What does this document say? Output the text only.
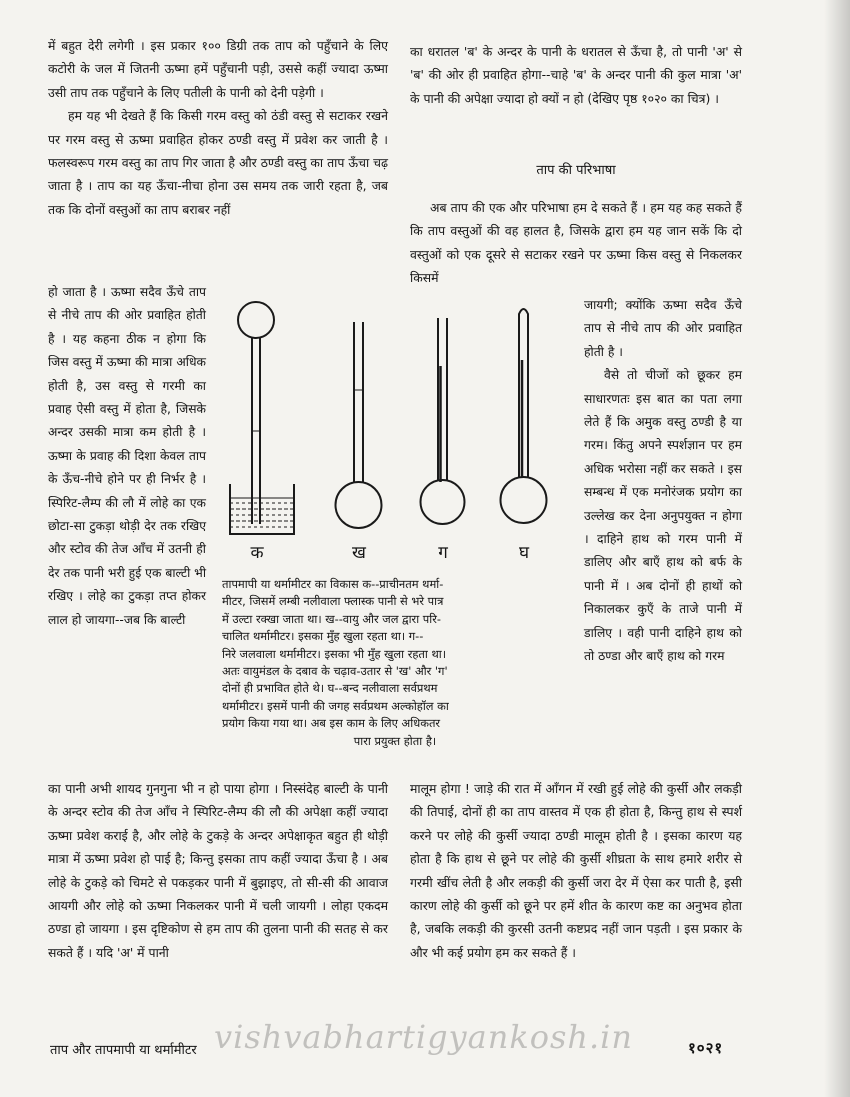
में बहुत देरी लगेगी । इस प्रकार १०० डिग्री तक ताप को पहुँचाने के लिए कटोरी के जल में जितनी ऊष्मा हमें पहुँचानी पड़ी, उससे कहीं ज्यादा ऊष्मा उसी ताप तक पहुँचाने के लिए पतीली के पानी को देनी पड़ेगी ।

हम यह भी देखते हैं कि किसी गरम वस्तु को ठंडी वस्तु से सटाकर रखने पर गरम वस्तु से ऊष्मा प्रवाहित होकर ठण्डी वस्तु में प्रवेश कर जाती है । फलस्वरूप गरम वस्तु का ताप गिर जाता है और ठण्डी वस्तु का ताप ऊँचा चढ़ जाता है । ताप का यह ऊँचा-नीचा होना उस समय तक जारी रहता है, जब तक कि दोनों वस्तुओं का ताप बराबर नहीं

हो जाता है । ऊष्मा सदैव ऊँचे ताप से नीचे ताप की ओर प्रवाहित होती है । यह कहना ठीक न होगा कि जिस वस्तु में ऊष्मा की मात्रा अधिक होती है, उस वस्तु से गरमी का प्रवाह ऐसी वस्तु में होता है, जिसके अन्दर उसकी मात्रा कम होती है । ऊष्मा के प्रवाह की दिशा केवल ताप के ऊँच-नीचे होने पर ही निर्भर है । स्पिरिट-लैम्प की लौ में लोहे का एक छोटा-सा टुकड़ा थोड़ी देर तक रखिए और स्टोव की तेज आँच में उतनी ही देर तक पानी भरी हुई एक बाल्टी भी रखिए । लोहे का टुकड़ा तप्त होकर लाल हो जायगा--जब कि बाल्टी

का पानी अभी शायद गुनगुना भी न हो पाया होगा । निस्संदेह बाल्टी के पानी के अन्दर स्टोव की तेज आँच ने स्पिरिट-लैम्प की लौ की अपेक्षा कहीं ज्यादा ऊष्मा प्रवेश कराई है, और लोहे के टुकड़े के अन्दर अपेक्षाकृत बहुत ही थोड़ी मात्रा में ऊष्मा प्रवेश हो पाई है; किन्तु इसका ताप कहीं ज्यादा ऊँचा है । अब लोहे के टुकड़े को चिमटे से पकड़कर पानी में बुझाइए, तो सी-सी की आवाज आयगी और लोहे को ऊष्मा निकलकर पानी में चली जायगी । लोहा एकदम ठण्डा हो जायगा । इस दृष्टिकोण से हम ताप की तुलना पानी की सतह से कर सकते हैं । यदि 'अ' में पानी

का धरातल 'ब' के अन्दर के पानी के धरातल से ऊँचा है, तो पानी 'अ' से 'ब' की ओर ही प्रवाहित होगा--चाहे 'ब' के अन्दर पानी की कुल मात्रा 'अ' के पानी की अपेक्षा ज्यादा हो क्यों न हो (देखिए पृष्ठ १०२० का चित्र) ।

ताप की परिभाषा

अब ताप की एक और परिभाषा हम दे सकते हैं । हम यह कह सकते हैं कि ताप वस्तुओं की वह हालत है, जिसके द्वारा हम यह जान सकें कि दो वस्तुओं को एक दूसरे से सटाकर रखने पर ऊष्मा किस वस्तु से निकलकर किसमें

जायगी; क्योंकि ऊष्मा सदैव ऊँचे ताप से नीचे ताप की ओर प्रवाहित होती है ।

वैसे तो चीजों को छूकर हम साधारणतः इस बात का पता लगा लेते हैं कि अमुक वस्तु ठण्डी है या गरम। किंतु अपने स्पर्शज्ञान पर हम अधिक भरोसा नहीं कर सकते । इस सम्बन्ध में एक मनोरंजक प्रयोग का उल्लेख कर देना अनुपयुक्त न होगा । दाहिने हाथ को गरम पानी में डालिए और बाएँ हाथ को बर्फ के पानी में । अब दोनों ही हाथों को निकालकर कुएँ के ताजे पानी में डालिए । वही पानी दाहिने हाथ को तो ठण्डा और बाएँ हाथ को गरम

मालूम होगा ! जाड़े की रात में आँगन में रखी हुई लोहे की कुर्सी और लकड़ी की तिपाई, दोनों ही का ताप वास्तव में एक ही होता है, किन्तु हाथ से स्पर्श करने पर लोहे की कुर्सी ज्यादा ठण्डी मालूम होती है । इसका कारण यह होता है कि हाथ से छूने पर लोहे की कुर्सी शीघ्रता के साथ हमारे शरीर से गरमी खींच लेती है और लकड़ी की कुर्सी जरा देर में ऐसा कर पाती है, इसी कारण लोहे की कुर्सी को छूने पर हमें शीत के कारण कष्ट का अनुभव होता है, जबकि लकड़ी की कुरसी उतनी कष्टप्रद नहीं जान पड़ती । इस प्रकार के और भी कई प्रयोग हम कर सकते हैं ।

क	ख	ग	घ

तापमापी या थर्मामीटर का विकास क--प्राचीनतम थर्मा-

मीटर, जिसमें लम्बी नलीवाला फ्लास्क पानी से भरे पात्र

में उल्टा रक्खा जाता था। ख--वायु और जल द्वारा परि-

चालित थर्मामीटर। इसका मुँह खुला रहता था। ग--

निरे जलवाला थर्मामीटर। इसका भी मुँह खुला रहता था।

अतः वायुमंडल के दबाव के चढ़ाव-उतार से 'ख' और 'ग'

दोनों ही प्रभावित होते थे। घ--बन्द नलीवाला सर्वप्रथम

थर्मामीटर। इसमें पानी की जगह सर्वप्रथम अल्कोहॉल का

प्रयोग किया गया था। अब इस काम के लिए अधिकतर

पारा प्रयुक्त होता है।

ताप और तापमापी या थर्मामीटर vishvabhartigyankosh.in	१०२१
